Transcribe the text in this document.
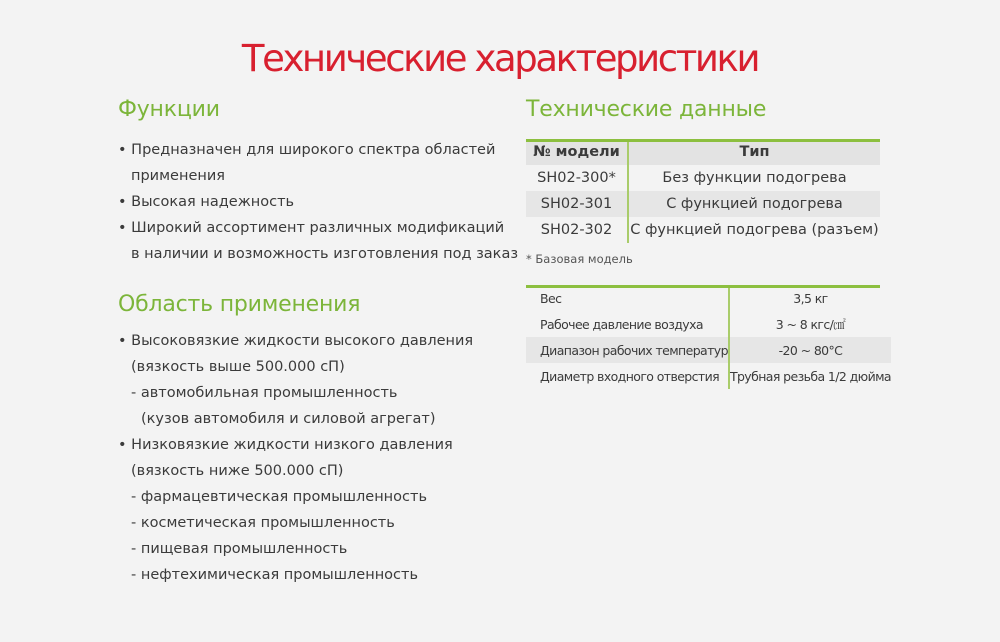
Технические характеристики
Функции
• Предназначен для широкого спектра областей
применения
• Высокая надежность
• Широкий ассортимент различных модификаций
в наличии и возможность изготовления под заказ
Область применения
• Высоковязкие жидкости высокого давления
(вязкость выше 500.000 сП)
- автомобильная промышленность
(кузов автомобиля и силовой агрегат)
• Низковязкие жидкости низкого давления
(вязкость ниже 500.000 сП)
- фармацевтическая промышленность
- косметическая промышленность
- пищевая промышленность
- нефтехимическая промышленность
Технические данные
№ модели	Тип
SH02-300*	Без функции подогрева
SH02-301	С функцией подогрева
SH02-302	С функцией подогрева (разъем)
* Базовая модель
Вес	3,5 кг
Рабочее давление воздуха	3 ~ 8 кгс/㎠
Диапазон рабочих температур	-20 ~ 80°C
Диаметр входного отверстия	Трубная резьба 1/2 дюйма
